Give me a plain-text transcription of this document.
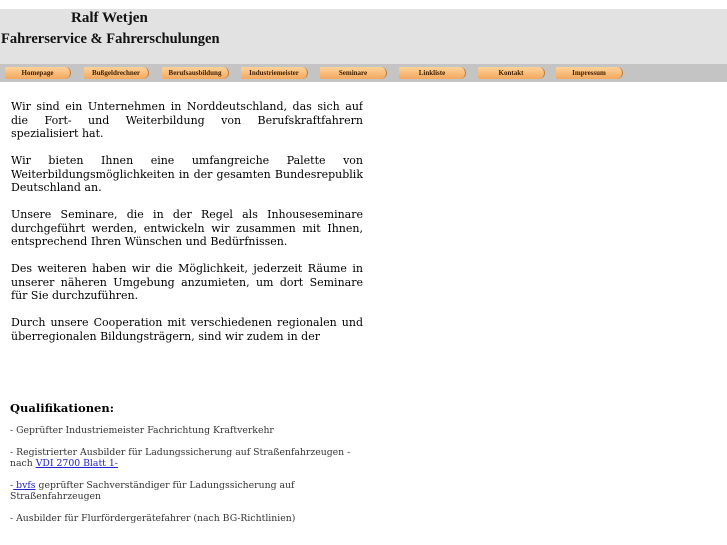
Ralf Wetjen
Fahrerservice & Fahrerschulungen
Homepage	Bußgeldrechner	Berufsausbildung	Industriemeister	Seminare	Linkliste	Kontakt	Impressum

Wir sind ein Unternehmen in Norddeutschland, das sich auf die Fort- und Weiterbildung von Berufskraftfahrern spezialisiert hat.

Wir bieten Ihnen eine umfangreiche Palette von Weiterbildungsmöglichkeiten in der gesamten Bundesrepublik Deutschland an.

Unsere Seminare, die in der Regel als Inhouseseminare durchgeführt werden, entwickeln wir zusammen mit Ihnen, entsprechend Ihren Wünschen und Bedürfnissen.

Des weiteren haben wir die Möglichkeit, jederzeit Räume in unserer näheren Umgebung anzumieten, um dort Seminare für Sie durchzuführen.

Durch unsere Cooperation mit verschiedenen regionalen und überregionalen Bildungsträgern, sind wir zudem in der

Qualifikationen:

- Geprüfter Industriemeister Fachrichtung Kraftverkehr

- Registrierter Ausbilder für Ladungssicherung auf Straßenfahrzeugen - nach VDI 2700 Blatt 1-

- bvfs geprüfter Sachverständiger für Ladungssicherung auf Straßenfahrzeugen

- Ausbilder für Flurfördergerätefahrer (nach BG-Richtlinien)
